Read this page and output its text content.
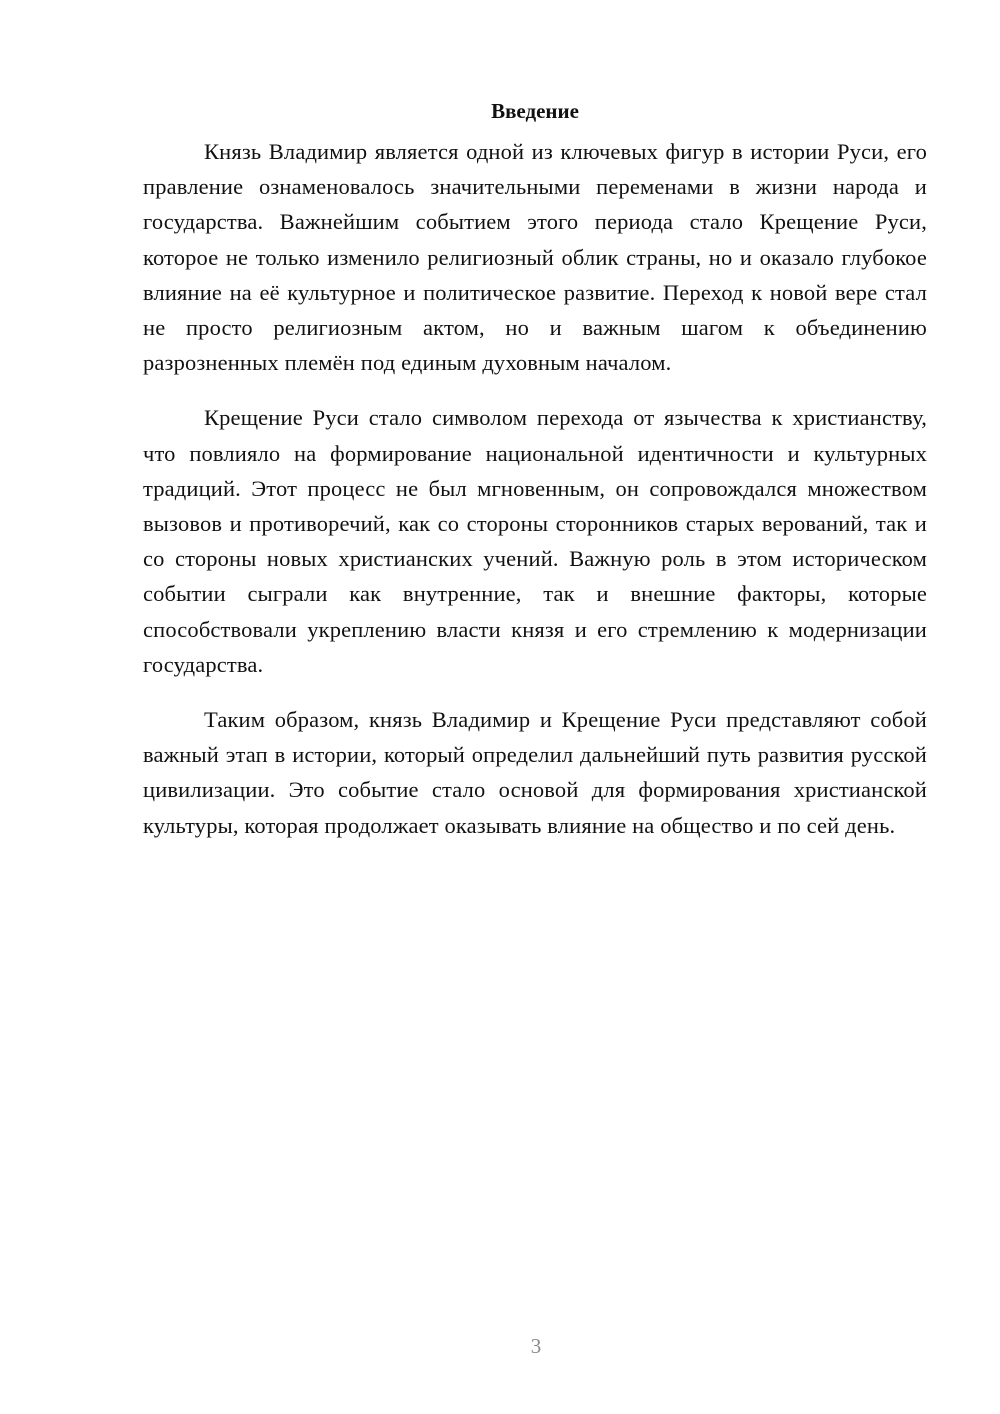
Введение

Князь Владимир является одной из ключевых фигур в истории Руси, его правление ознаменовалось значительными переменами в жизни народа и государства. Важнейшим событием этого периода стало Крещение Руси, которое не только изменило религиозный облик страны, но и оказало глубокое влияние на её культурное и политическое развитие. Переход к новой вере стал не просто религиозным актом, но и важным шагом к объединению разрозненных племён под единым духовным началом.

Крещение Руси стало символом перехода от язычества к христианству, что повлияло на формирование национальной идентичности и культурных традиций. Этот процесс не был мгновенным, он сопровождался множеством вызовов и противоречий, как со стороны сторонников старых верований, так и со стороны новых христианских учений. Важную роль в этом историческом событии сыграли как внутренние, так и внешние факторы, которые способствовали укреплению власти князя и его стремлению к модернизации государства.

Таким образом, князь Владимир и Крещение Руси представляют собой важный этап в истории, который определил дальнейший путь развития русской цивилизации. Это событие стало основой для формирования христианской культуры, которая продолжает оказывать влияние на общество и по сей день.

3
